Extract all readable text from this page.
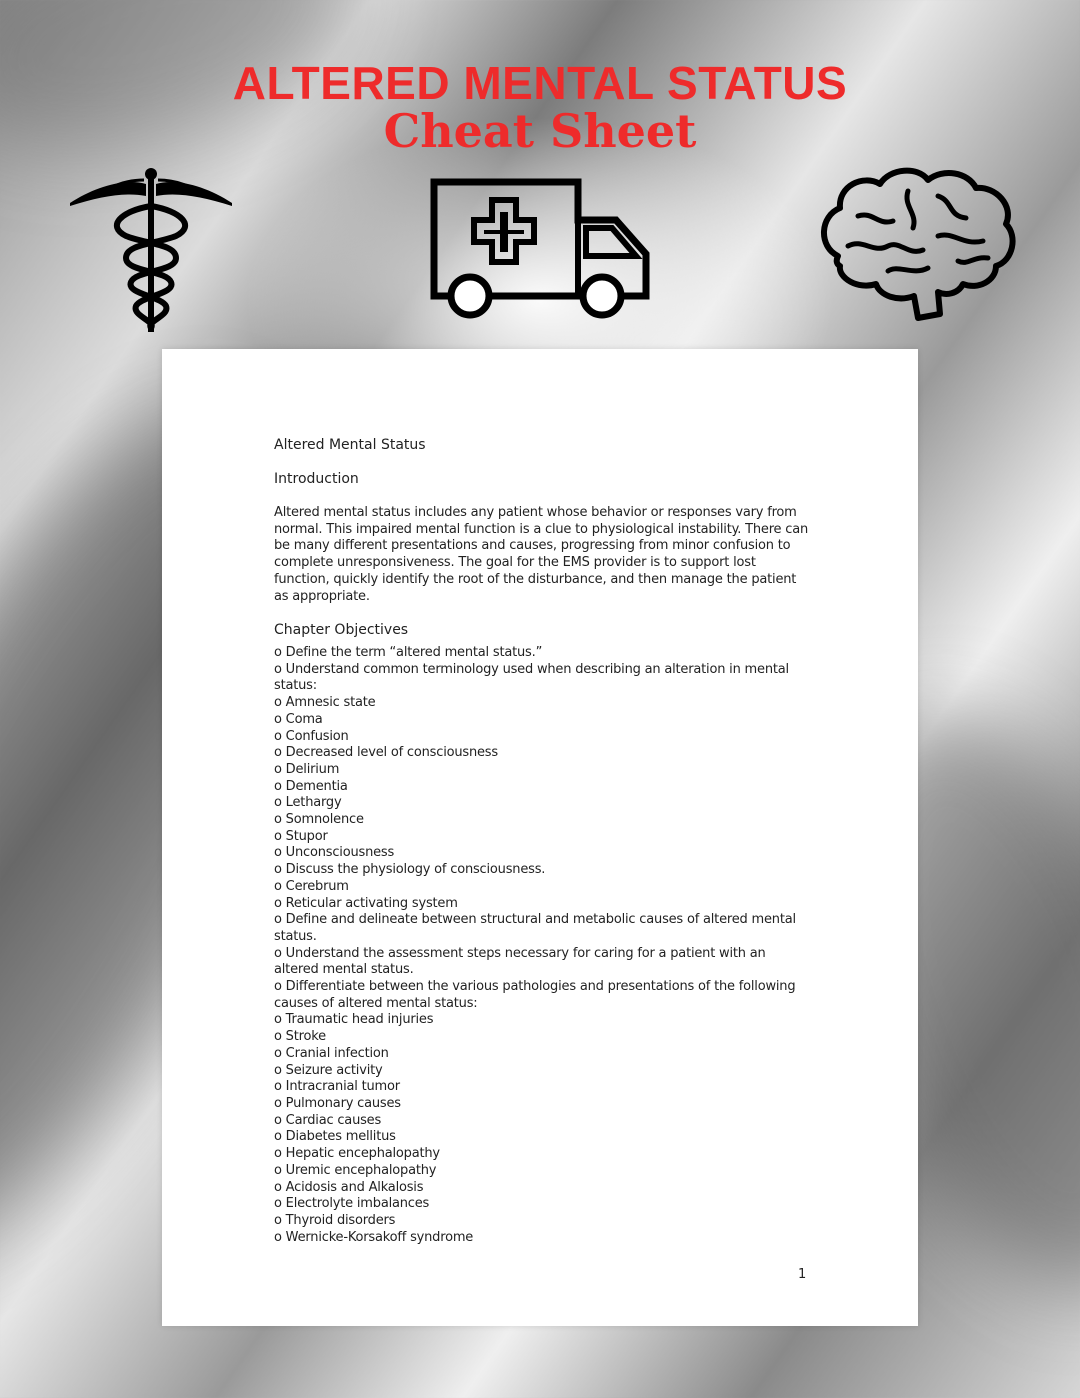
ALTERED MENTAL STATUS
Cheat Sheet
Altered Mental Status
Introduction

Altered mental status includes any patient whose behavior or responses vary from normal. This impaired mental function is a clue to physiological instability. There can be many different presentations and causes, progressing from minor confusion to complete unresponsiveness. The goal for the EMS provider is to support lost function, quickly identify the root of the disturbance, and then manage the patient as appropriate.

Chapter Objectives
o Define the term “altered mental status.”
o Understand common terminology used when describing an alteration in mental status:
o Amnesic state
o Coma
o Confusion
o Decreased level of consciousness
o Delirium
o Dementia
o Lethargy
o Somnolence
o Stupor
o Unconsciousness
o Discuss the physiology of consciousness.
o Cerebrum
o Reticular activating system
o Define and delineate between structural and metabolic causes of altered mental status.
o Understand the assessment steps necessary for caring for a patient with an altered mental status.
o Differentiate between the various pathologies and presentations of the following causes of altered mental status:
o Traumatic head injuries
o Stroke
o Cranial infection
o Seizure activity
o Intracranial tumor
o Pulmonary causes
o Cardiac causes
o Diabetes mellitus
o Hepatic encephalopathy
o Uremic encephalopathy
o Acidosis and Alkalosis
o Electrolyte imbalances
o Thyroid disorders
o Wernicke-Korsakoff syndrome
1
